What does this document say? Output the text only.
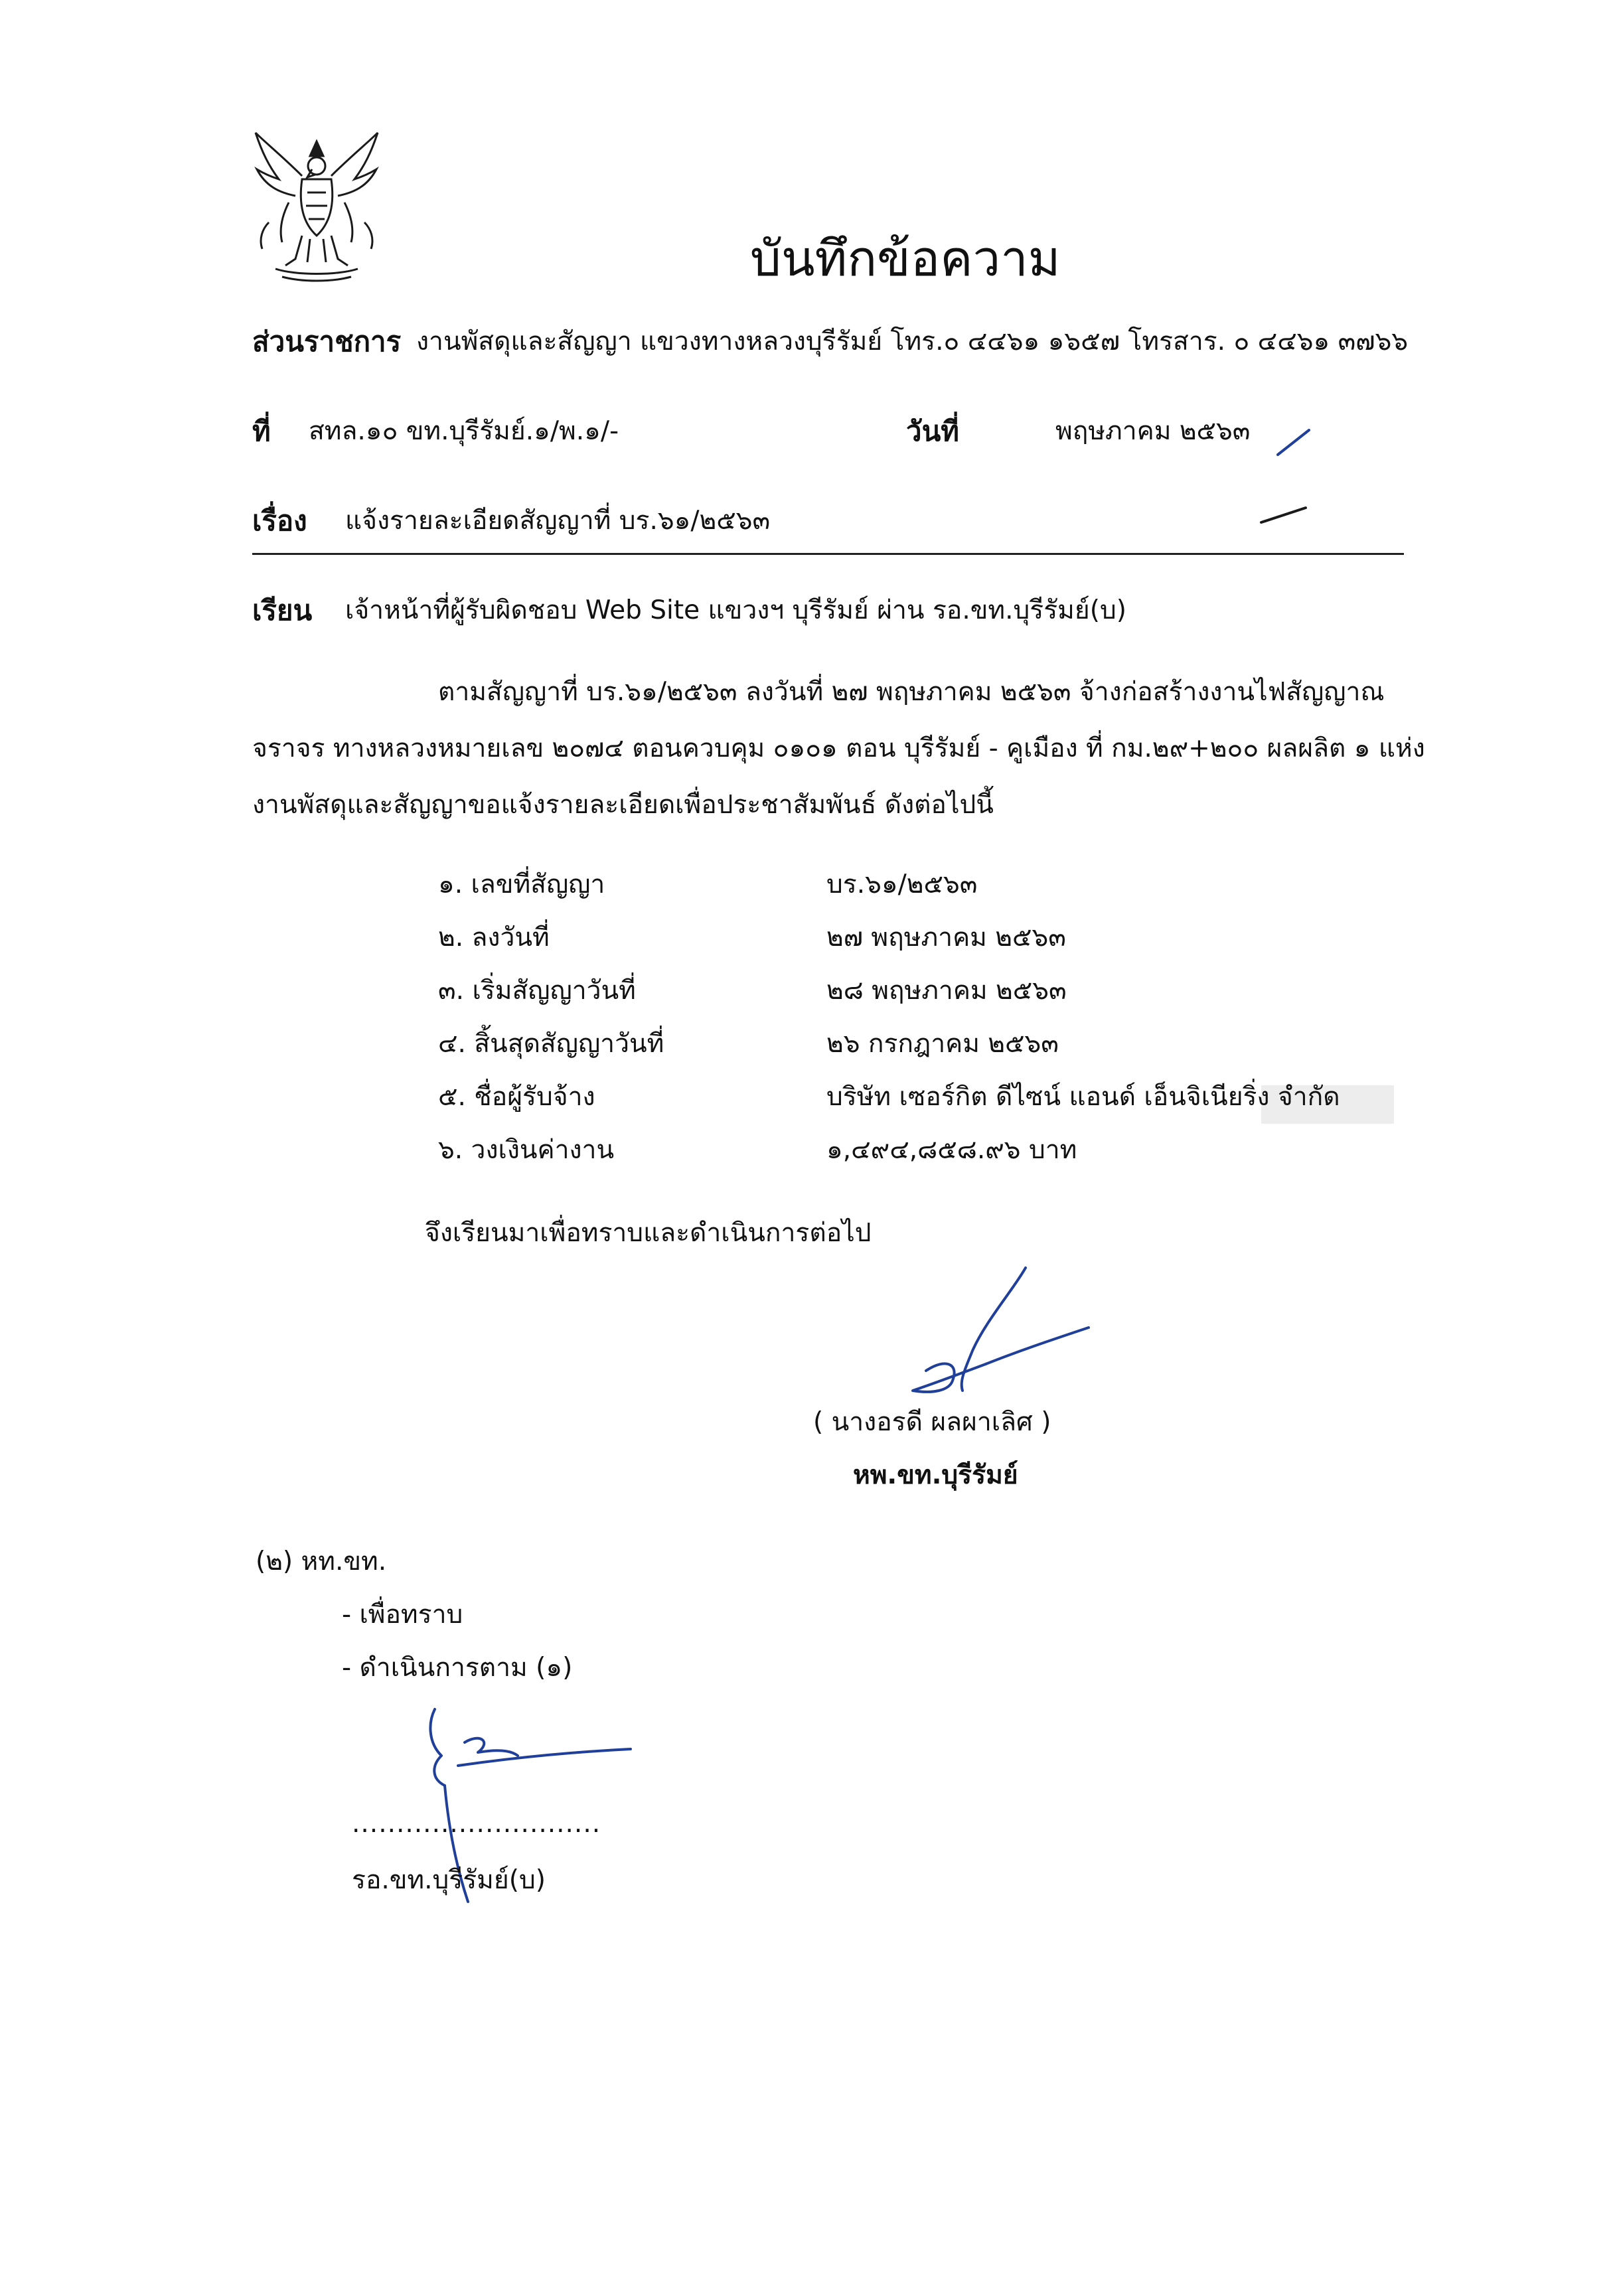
บันทึกข้อความ
ส่วนราชการ งานพัสดุและสัญญา แขวงทางหลวงบุรีรัมย์ โทร.๐ ๔๔๖๑ ๑๖๕๗ โทรสาร. ๐ ๔๔๖๑ ๓๗๖๖
ที่ สทล.๑๐ ขท.บุรีรัมย์.๑/พ.๑/-	วันที่	พฤษภาคม ๒๕๖๓
เรื่อง แจ้งรายละเอียดสัญญาที่ บร.๖๑/๒๕๖๓
เรียน เจ้าหน้าที่ผู้รับผิดชอบ Web Site แขวงฯ บุรีรัมย์ ผ่าน รอ.ขท.บุรีรัมย์(บ)
ตามสัญญาที่ บร.๖๑/๒๕๖๓ ลงวันที่ ๒๗ พฤษภาคม ๒๕๖๓ จ้างก่อสร้างงานไฟสัญญาณ
จราจร ทางหลวงหมายเลข ๒๐๗๔ ตอนควบคุม ๐๑๐๑ ตอน บุรีรัมย์ - คูเมือง ที่ กม.๒๙+๒๐๐ ผลผลิต ๑ แห่ง
งานพัสดุและสัญญาขอแจ้งรายละเอียดเพื่อประชาสัมพันธ์ ดังต่อไปนี้
๑. เลขที่สัญญา	บร.๖๑/๒๕๖๓
๒. ลงวันที่	๒๗ พฤษภาคม ๒๕๖๓
๓. เริ่มสัญญาวันที่	๒๘ พฤษภาคม ๒๕๖๓
๔. สิ้นสุดสัญญาวันที่	๒๖ กรกฎาคม ๒๕๖๓
๕. ชื่อผู้รับจ้าง	บริษัท เซอร์กิต ดีไซน์ แอนด์ เอ็นจิเนียริ่ง จำกัด
๖. วงเงินค่างาน	๑,๔๙๔,๘๕๘.๙๖ บาท
จึงเรียนมาเพื่อทราบและดำเนินการต่อไป
( นางอรดี ผลผาเลิศ )
หพ.ขท.บุรีรัมย์
(๒) หท.ขท.
- เพื่อทราบ
- ดำเนินการตาม (๑)
............................
รอ.ขท.บุรีรัมย์(บ)
